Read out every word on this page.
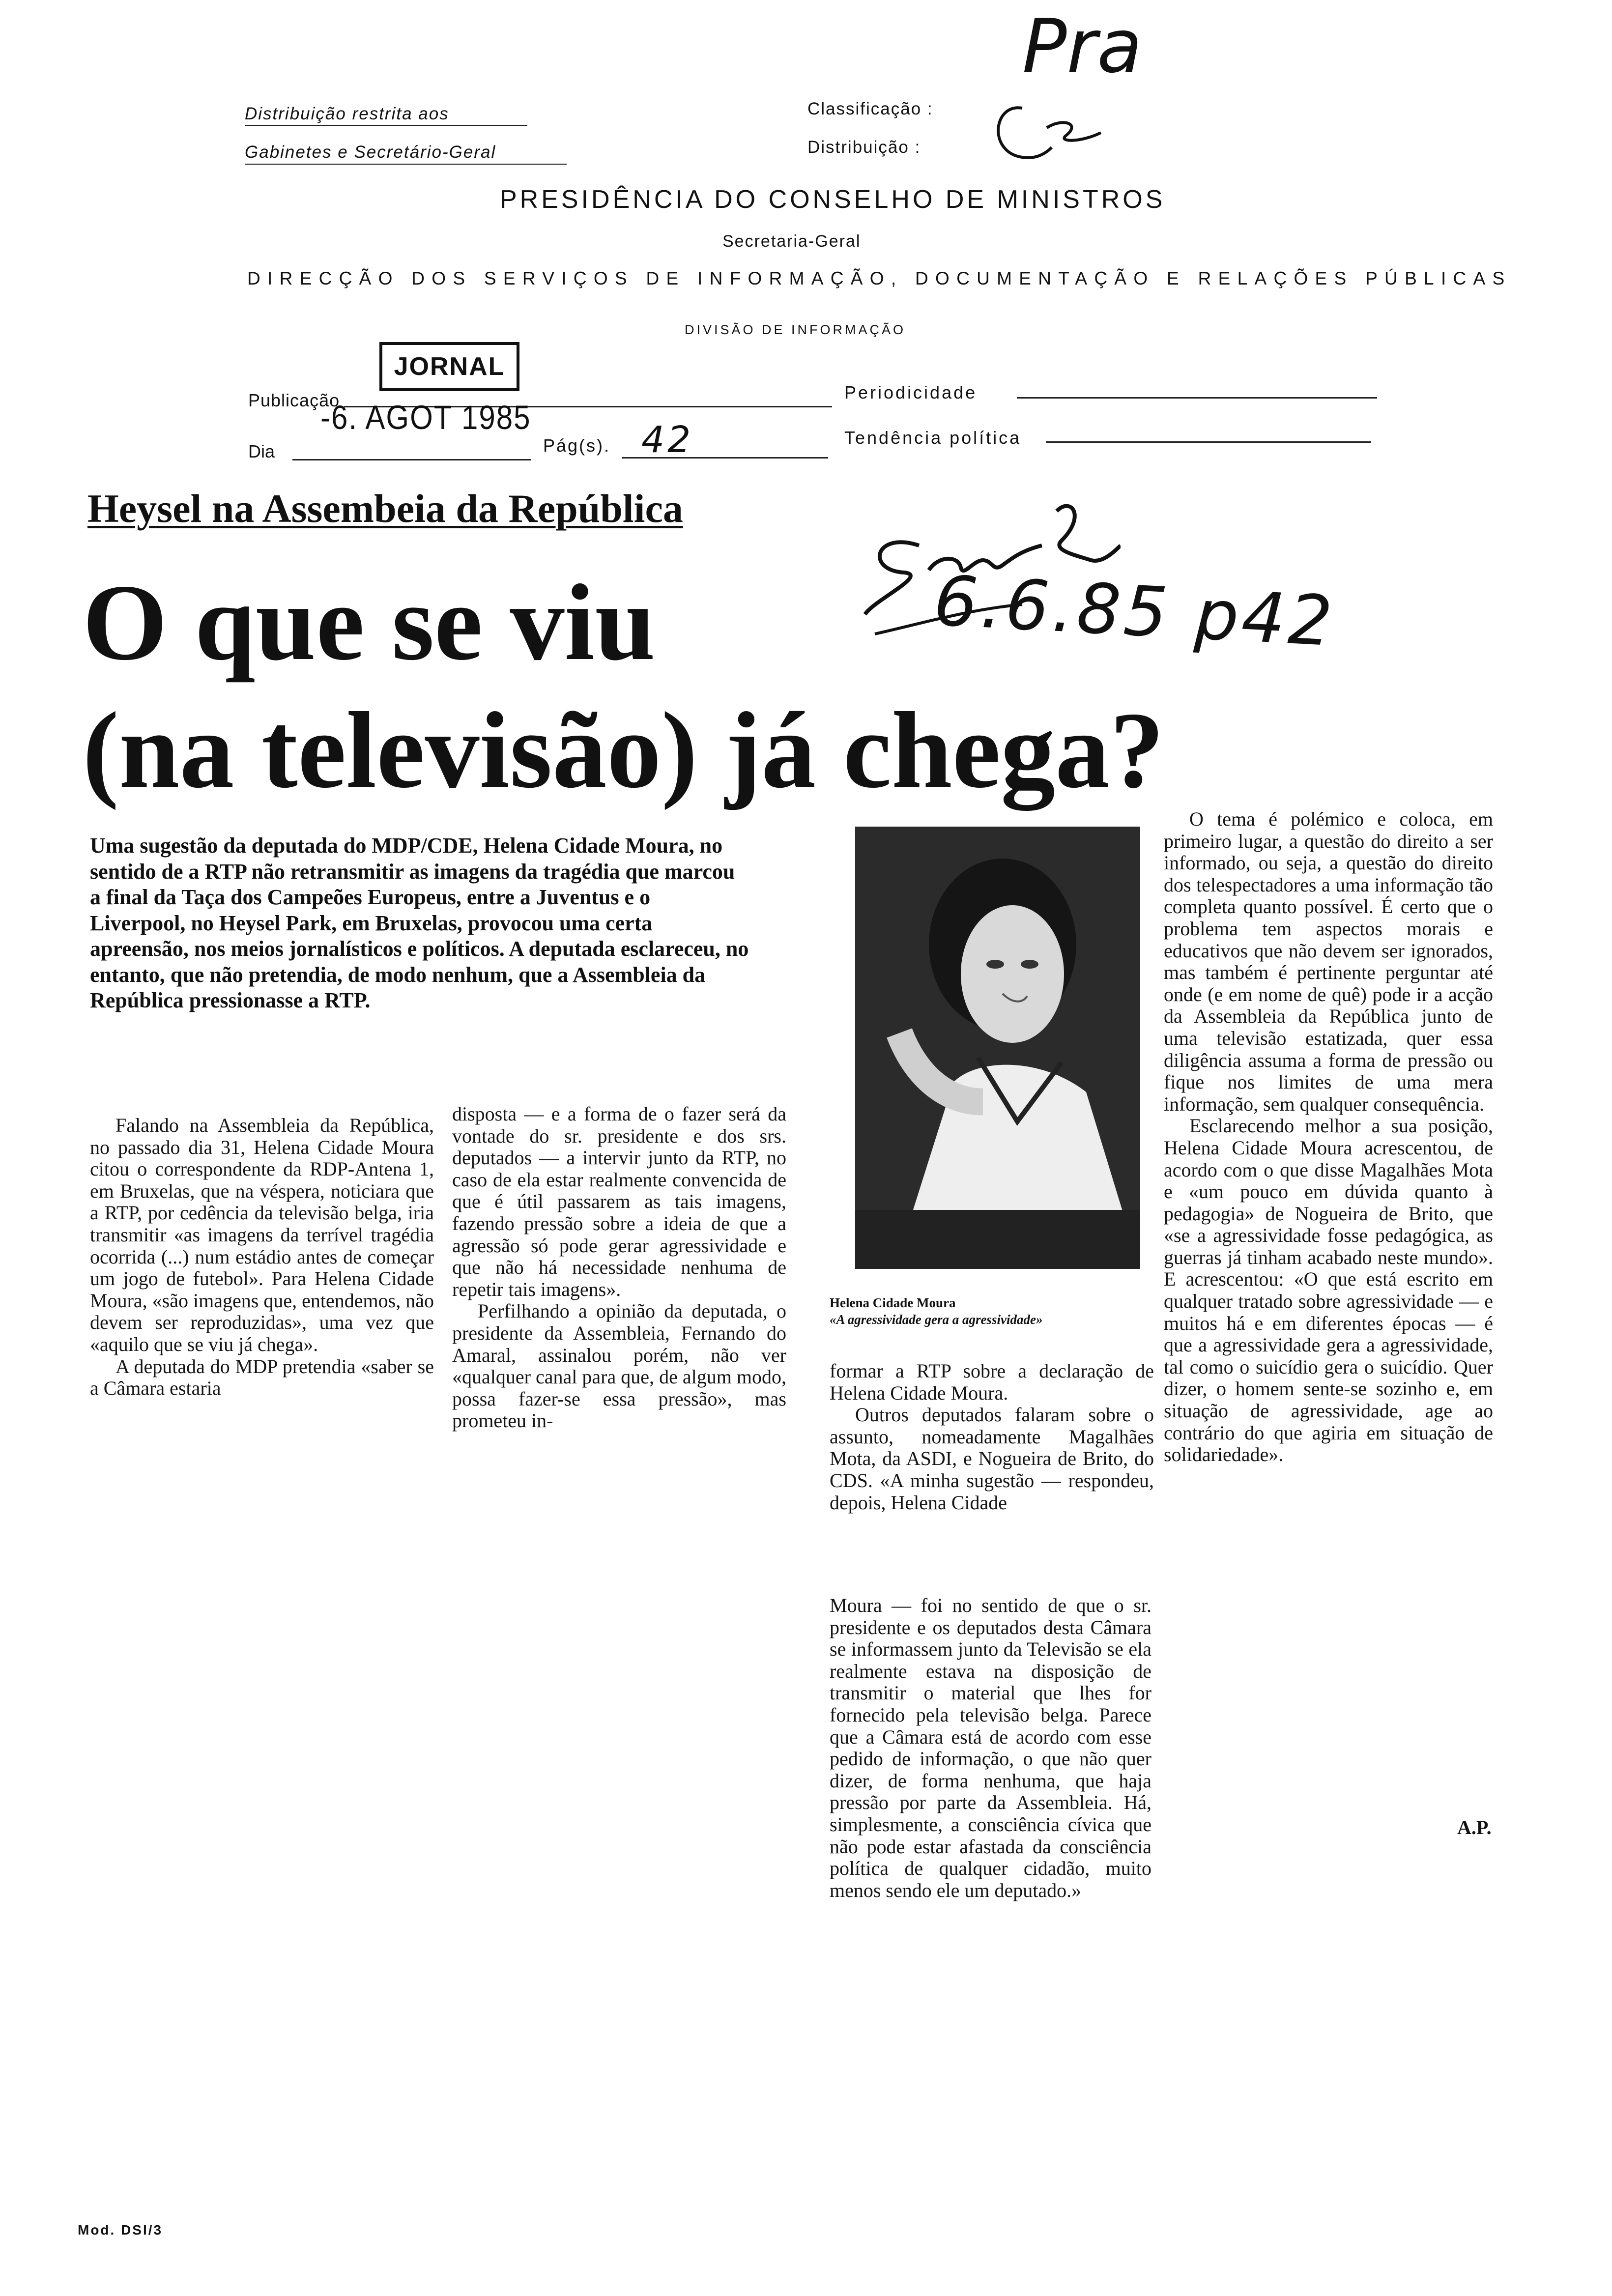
Distribuição restrita aos
Gabinetes e Secretário-Geral
Classificação :
Distribuição :
PRESIDÊNCIA DO CONSELHO DE MINISTROS
Secretaria-Geral
DIRECÇÃO DOS SERVIÇOS DE INFORMAÇÃO, DOCUMENTAÇÃO E RELAÇÕES PÚBLICAS
DIVISÃO DE INFORMAÇÃO
JORNAL
Publicação	Periodicidade
-6. AGOT 1985
Dia	Pág(s). 42	Tendência política
Pra
6.6.85 p42
Heysel na Assembeia da República
O que se viu
(na televisão) já chega?
Uma sugestão da deputada do MDP/CDE, Helena Cidade Moura, no sentido de a RTP não retransmitir as imagens da tragédia que marcou a final da Taça dos Campeões Europeus, entre a Juventus e o Liverpool, no Heysel Park, em Bruxelas, provocou uma certa apreensão, nos meios jornalísticos e políticos. A deputada esclareceu, no entanto, que não pretendia, de modo nenhum, que a Assembleia da República pressionasse a RTP.

Falando na Assembleia da República, no passado dia 31, Helena Cidade Moura citou o correspondente da RDP-Antena 1, em Bruxelas, que na véspera, noticiara que a RTP, por cedência da televisão belga, iria transmitir «as imagens da terrível tragédia ocorrida (...) num estádio antes de começar um jogo de futebol». Para Helena Cidade Moura, «são imagens que, entendemos, não devem ser reproduzidas», uma vez que «aquilo que se viu já chega».

A deputada do MDP pretendia «saber se a Câmara estaria

disposta — e a forma de o fazer será da vontade do sr. presidente e dos srs. deputados — a intervir junto da RTP, no caso de ela estar realmente convencida de que é útil passarem as tais imagens, fazendo pressão sobre a ideia de que a agressão só pode gerar agressividade e que não há necessidade nenhuma de repetir tais imagens».

Perfilhando a opinião da deputada, o presidente da Assembleia, Fernando do Amaral, assinalou porém, não ver «qualquer canal para que, de algum modo, possa fazer-se essa pressão», mas prometeu in-

Helena Cidade Moura
«A agressividade gera a agressividade»

formar a RTP sobre a declaração de Helena Cidade Moura.

Outros deputados falaram sobre o assunto, nomeadamente Magalhães Mota, da ASDI, e Nogueira de Brito, do CDS. «A minha sugestão — respondeu, depois, Helena Cidade

Moura — foi no sentido de que o sr. presidente e os deputados desta Câmara se informassem junto da Televisão se ela realmente estava na disposição de transmitir o material que lhes for fornecido pela televisão belga. Parece que a Câmara está de acordo com esse pedido de informação, o que não quer dizer, de forma nenhuma, que haja pressão por parte da Assembleia. Há, simplesmente, a consciência cívica que não pode estar afastada da consciência política de qualquer cidadão, muito menos sendo ele um deputado.»

O tema é polémico e coloca, em primeiro lugar, a questão do direito a ser informado, ou seja, a questão do direito dos telespectadores a uma informação tão completa quanto possível. É certo que o problema tem aspectos morais e educativos que não devem ser ignorados, mas também é pertinente perguntar até onde (e em nome de quê) pode ir a acção da Assembleia da República junto de uma televisão estatizada, quer essa diligência assuma a forma de pressão ou fique nos limites de uma mera informação, sem qualquer consequência.

Esclarecendo melhor a sua posição, Helena Cidade Moura acrescentou, de acordo com o que disse Magalhães Mota e «um pouco em dúvida quanto à pedagogia» de Nogueira de Brito, que «se a agressividade fosse pedagógica, as guerras já tinham acabado neste mundo». E acrescentou: «O que está escrito em qualquer tratado sobre agressividade — e muitos há e em diferentes épocas — é que a agressividade gera a agressividade, tal como o suicídio gera o suicídio. Quer dizer, o homem sente-se sozinho e, em situação de agressividade, age ao contrário do que agiria em situação de solidariedade».

A.P.
Mod. DSI/3
